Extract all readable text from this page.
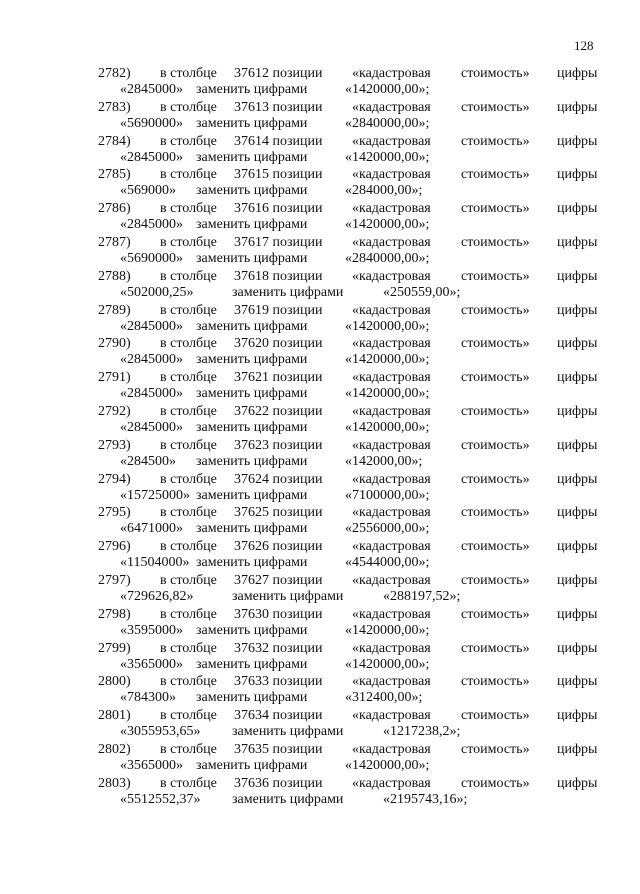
128
2782) в столбце 37612 позиции «кадастровая стоимость» цифры
«2845000» заменить цифрами	«1420000,00»;
2783) в столбце 37613 позиции «кадастровая стоимость» цифры
«5690000» заменить цифрами	«2840000,00»;
2784) в столбце 37614 позиции «кадастровая стоимость» цифры
«2845000» заменить цифрами	«1420000,00»;
2785) в столбце 37615 позиции «кадастровая стоимость» цифры
«569000» заменить цифрами	«284000,00»;
2786) в столбце 37616 позиции «кадастровая стоимость» цифры
«2845000» заменить цифрами	«1420000,00»;
2787) в столбце 37617 позиции «кадастровая стоимость» цифры
«5690000» заменить цифрами	«2840000,00»;
2788) в столбце 37618 позиции «кадастровая стоимость» цифры
«502000,25»	заменить цифрами	«250559,00»;
2789) в столбце 37619 позиции «кадастровая стоимость» цифры
«2845000» заменить цифрами	«1420000,00»;
2790) в столбце 37620 позиции «кадастровая стоимость» цифры
«2845000» заменить цифрами	«1420000,00»;
2791) в столбце 37621 позиции «кадастровая стоимость» цифры
«2845000» заменить цифрами	«1420000,00»;
2792) в столбце 37622 позиции «кадастровая стоимость» цифры
«2845000» заменить цифрами	«1420000,00»;
2793) в столбце 37623 позиции «кадастровая стоимость» цифры
«284500» заменить цифрами	«142000,00»;
2794) в столбце 37624 позиции «кадастровая стоимость» цифры
«15725000» заменить цифрами	«7100000,00»;
2795) в столбце 37625 позиции «кадастровая стоимость» цифры
«6471000» заменить цифрами	«2556000,00»;
2796) в столбце 37626 позиции «кадастровая стоимость» цифры
«11504000» заменить цифрами	«4544000,00»;
2797) в столбце 37627 позиции «кадастровая стоимость» цифры
«729626,82»	заменить цифрами	«288197,52»;
2798) в столбце 37630 позиции «кадастровая стоимость» цифры
«3595000» заменить цифрами	«1420000,00»;
2799) в столбце 37632 позиции «кадастровая стоимость» цифры
«3565000» заменить цифрами	«1420000,00»;
2800) в столбце 37633 позиции «кадастровая стоимость» цифры
«784300» заменить цифрами	«312400,00»;
2801) в столбце 37634 позиции «кадастровая стоимость» цифры
«3055953,65» заменить цифрами	«1217238,2»;
2802) в столбце 37635 позиции «кадастровая стоимость» цифры
«3565000» заменить цифрами	«1420000,00»;
2803) в столбце 37636 позиции «кадастровая стоимость» цифры
«5512552,37» заменить цифрами	«2195743,16»;
